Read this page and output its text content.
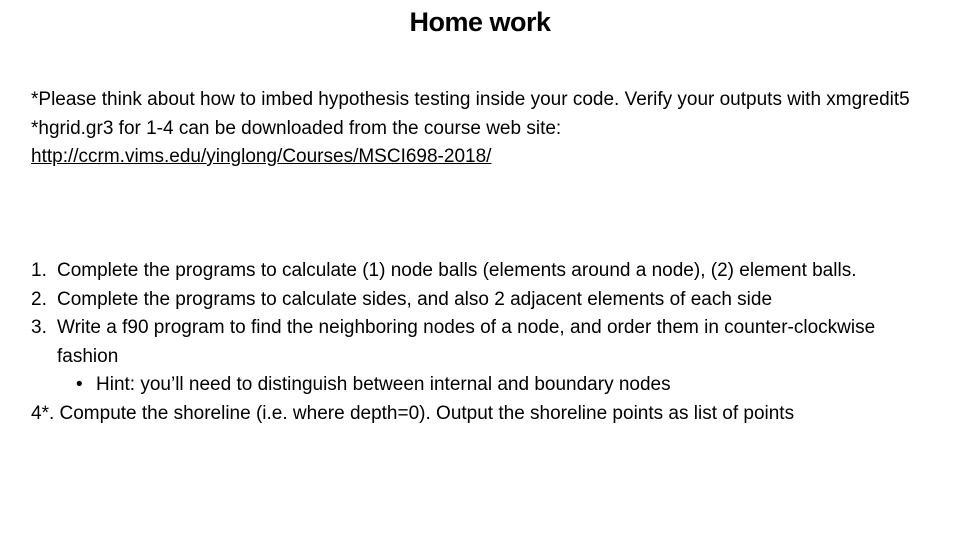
Home work

*Please think about how to imbed hypothesis testing inside your code. Verify your outputs with xmgredit5

*hgrid.gr3 for 1-4 can be downloaded from the course web site:

http://ccrm.vims.edu/yinglong/Courses/MSCI698-2018/

1. Complete the programs to calculate (1) node balls (elements around a node), (2) element balls.
2. Complete the programs to calculate sides, and also 2 adjacent elements of each side
3. Write a f90 program to find the neighboring nodes of a node, and order them in counter-clockwise fashion
• Hint: you’ll need to distinguish between internal and boundary nodes

4*. Compute the shoreline (i.e. where depth=0). Output the shoreline points as list of points
